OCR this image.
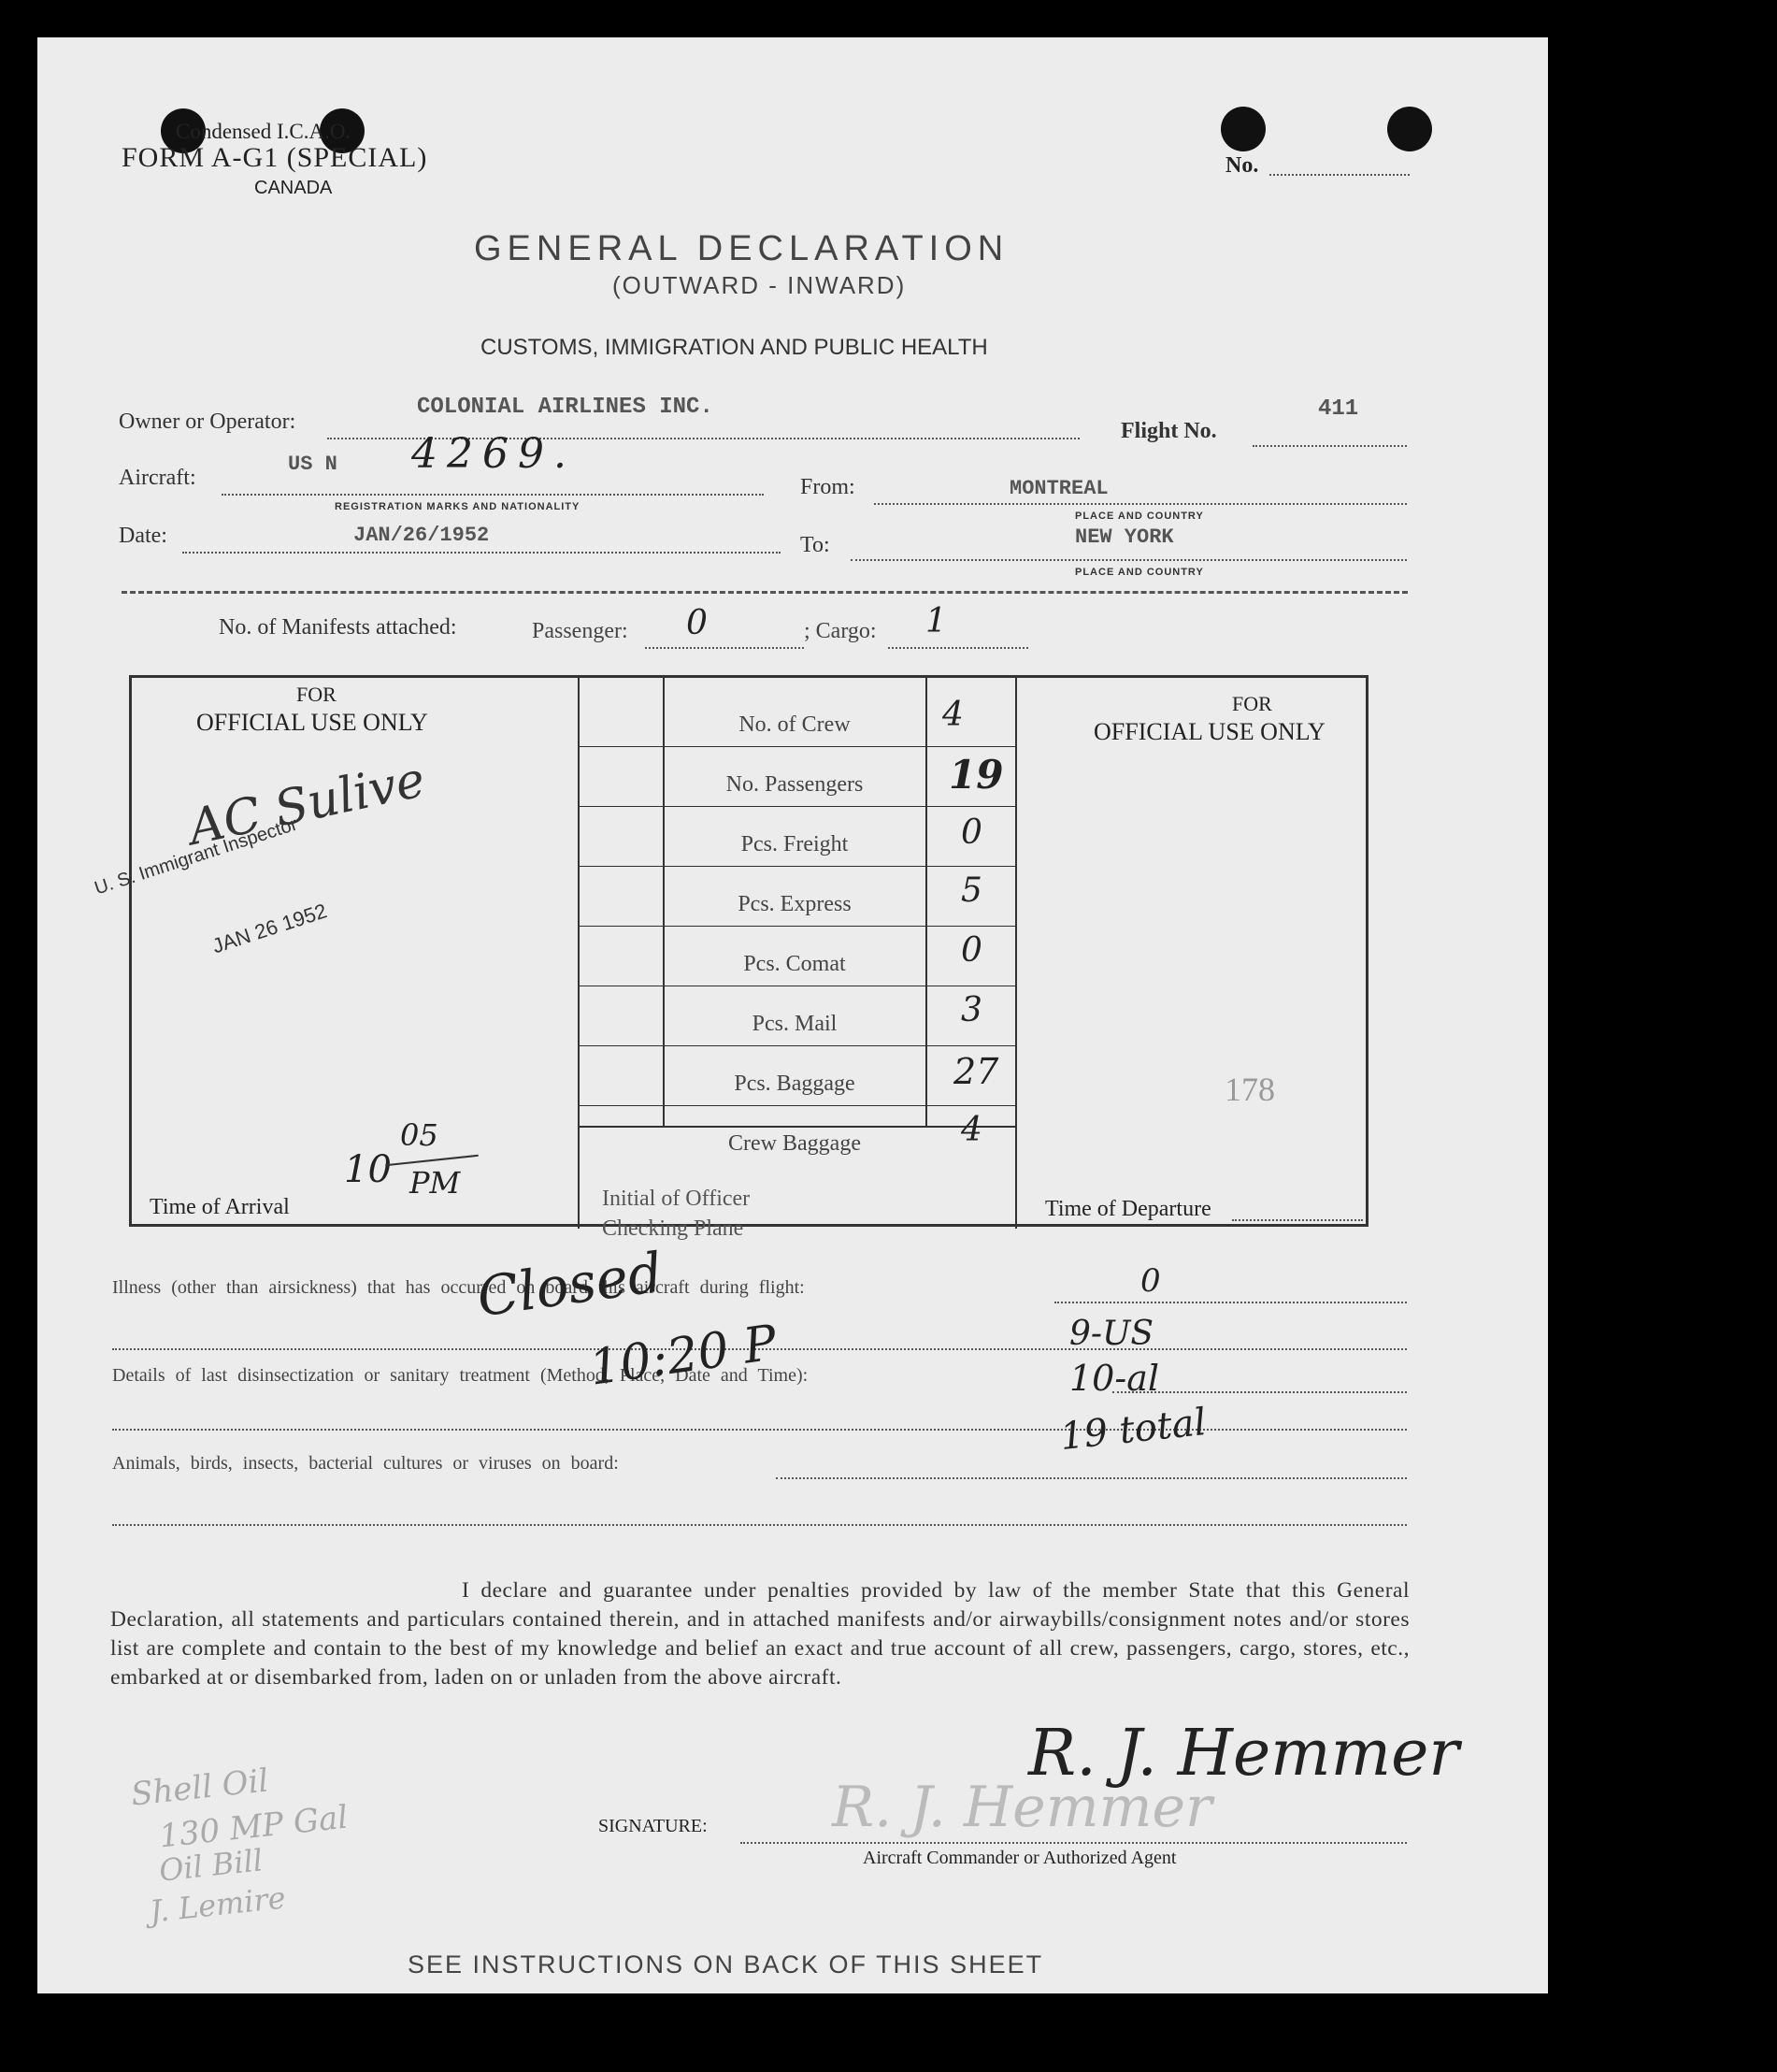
Condensed I.C.A.O.
FORM A-G1 (SPECIAL)
CANADA
No.
GENERAL DECLARATION
(OUTWARD - INWARD)
CUSTOMS, IMMIGRATION AND PUBLIC HEALTH
Owner or Operator:
COLONIAL AIRLINES INC.
Flight No.
411
Aircraft:
US N 4269.
REGISTRATION MARKS AND NATIONALITY
From:	MONTREAL
PLACE AND COUNTRY
Date:	JAN/26/1952	To:	NEW YORK
PLACE AND COUNTRY
No. of Manifests attached:	Passenger: 0	; Cargo: 1
FOR
OFFICIAL USE ONLY
AC Sulive
U. S. Immigrant Inspector
JAN 26 1952
Time of Arrival
05
10 PM
No. of Crew	4
No. Passengers	19
Pcs. Freight	0
Pcs. Express	5
Pcs. Comat	0
Pcs. Mail	3
Pcs. Baggage	27
Crew Baggage	4
Initial of Officer
Checking Plane
FOR
OFFICIAL USE ONLY
178
Time of Departure
Illness (other than airsickness) that has occurred on board this aircraft during flight:	0
Details of last disinsectization or sanitary treatment (Method, Place, Date and Time):
Animals, birds, insects, bacterial cultures or viruses on board:
Closed
10:20 P	9-US
10-al
19 total
I declare and guarantee under penalties provided by law of the member State that this General Declaration, all statements and particulars contained therein, and in attached manifests and/or airwaybills/consignment notes and/or stores list are complete and contain to the best of my knowledge and belief an exact and true account of all crew, passengers, cargo, stores, etc., embarked at or disembarked from, laden on or unladen from the above aircraft.
SIGNATURE:
R. J. Hemmer
R. J. Hemmer
Aircraft Commander or Authorized Agent
Shell Oil
130 MP Gal
Oil Bill
J. Lemire
SEE INSTRUCTIONS ON BACK OF THIS SHEET
